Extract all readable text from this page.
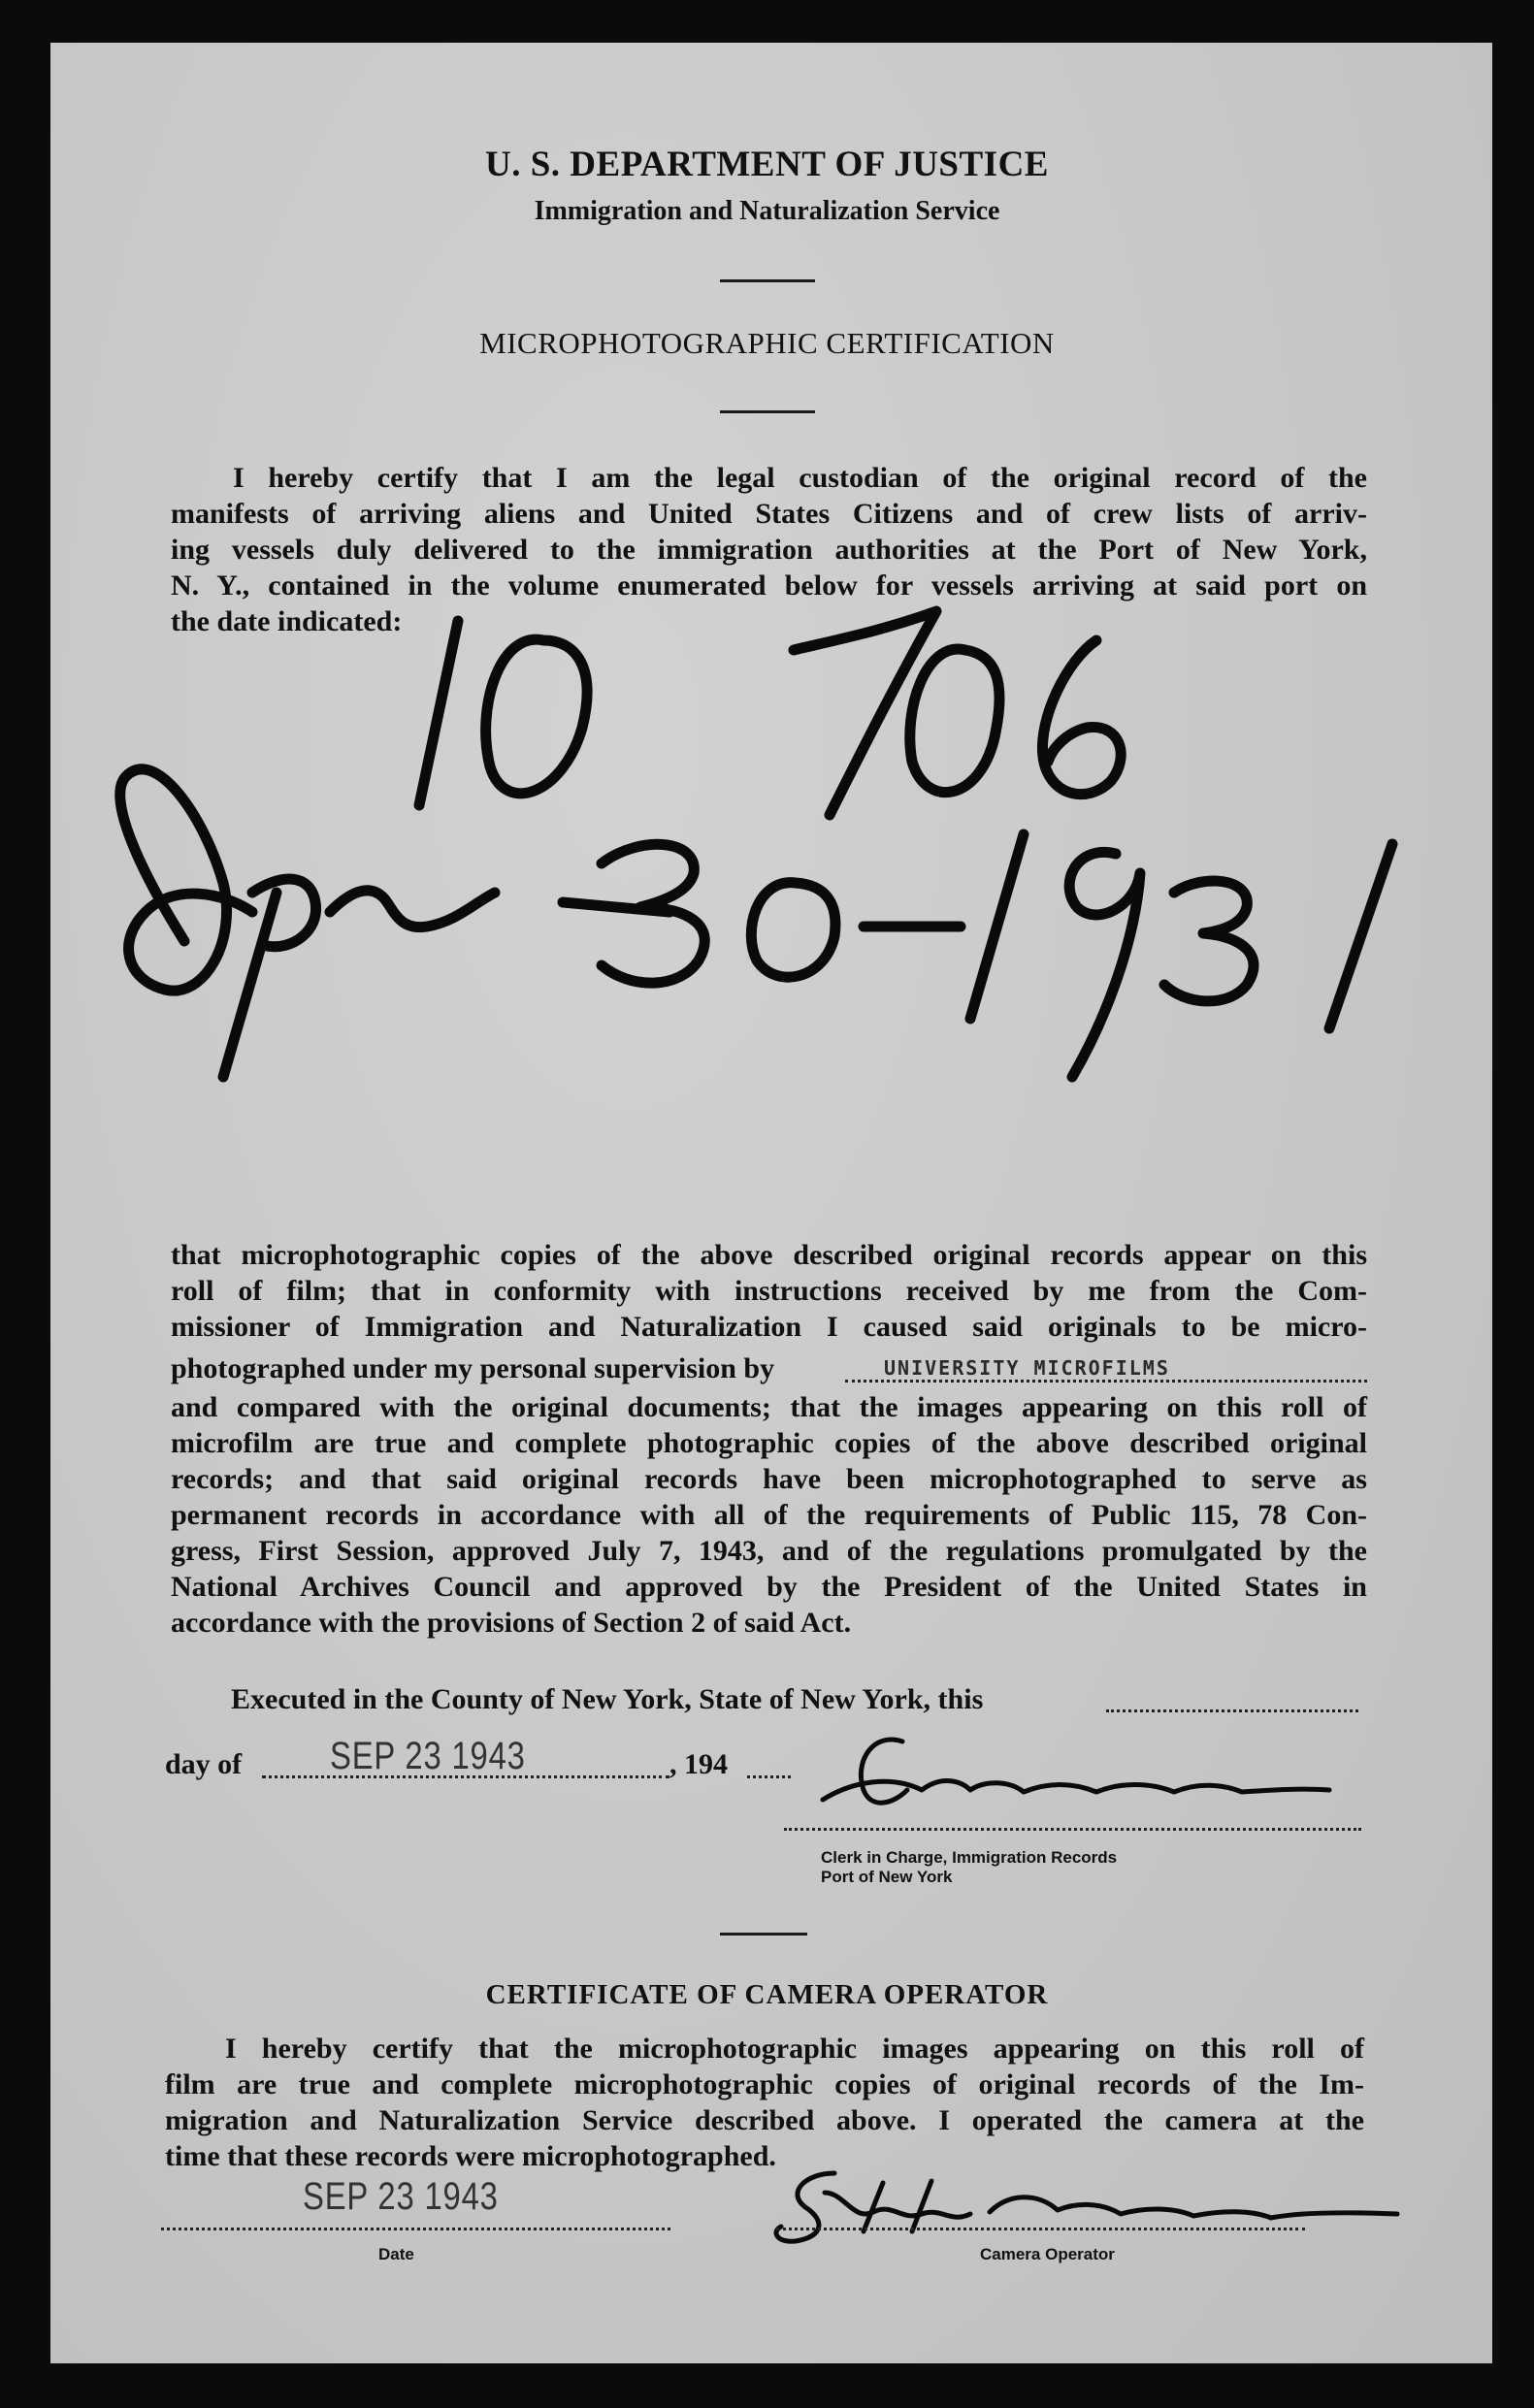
U. S. DEPARTMENT OF JUSTICE
Immigration and Naturalization Service
MICROPHOTOGRAPHIC CERTIFICATION
I hereby certify that I am the legal custodian of the original record of the
manifests of arriving aliens and United States Citizens and of crew lists of arriv-
ing vessels duly delivered to the immigration authorities at the Port of New York,
N. Y., contained in the volume enumerated below for vessels arriving at said port on
the date indicated:
that microphotographic copies of the above described original records appear on this
roll of film; that in conformity with instructions received by me from the Com-
missioner of Immigration and Naturalization I caused said originals to be micro-
photographed under my personal supervision by	UNIVERSITY MICROFILMS
and compared with the original documents; that the images appearing on this roll of
microfilm are true and complete photographic copies of the above described original
records; and that said original records have been microphotographed to serve as
permanent records in accordance with all of the requirements of Public 115, 78 Con-
gress, First Session, approved July 7, 1943, and of the regulations promulgated by the
National Archives Council and approved by the President of the United States in
accordance with the provisions of Section 2 of said Act.
Executed in the County of New York, State of New York, this
day of SEP 23 1943	, 194
Clerk in Charge, Immigration Records
Port of New York
CERTIFICATE OF CAMERA OPERATOR
I hereby certify that the microphotographic images appearing on this roll of
film are true and complete microphotographic copies of original records of the Im-
migration and Naturalization Service described above. I operated the camera at the
time that these records were microphotographed.
SEP 23 1943
Date	Camera Operator
